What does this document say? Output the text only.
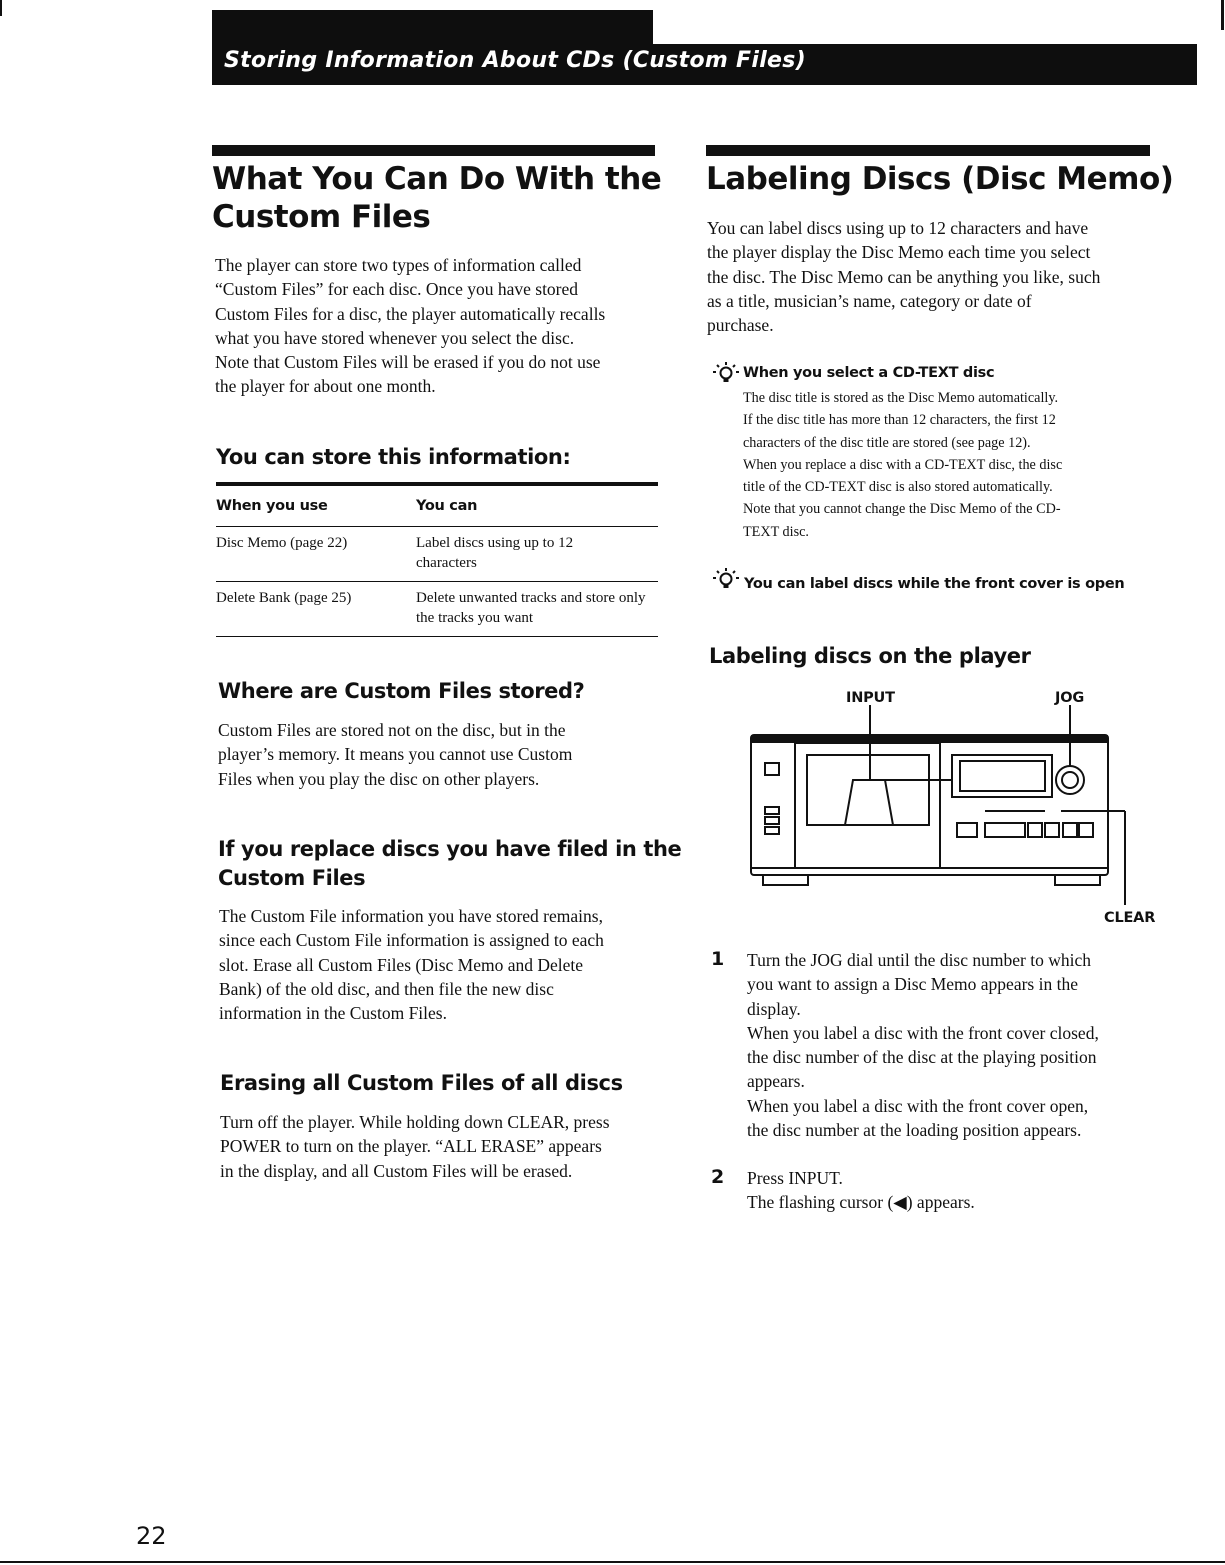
Storing Information About CDs (Custom Files)
What You Can Do With the
Custom Files
The player can store two types of information called
“Custom Files” for each disc. Once you have stored
Custom Files for a disc, the player automatically recalls
what you have stored whenever you select the disc.
Note that Custom Files will be erased if you do not use
the player for about one month.
You can store this information:
When you use	You can
Disc Memo (page 22)	Label discs using up to 12 characters
Delete Bank (page 25)	Delete unwanted tracks and store only the tracks you want
Where are Custom Files stored?
Custom Files are stored not on the disc, but in the
player’s memory. It means you cannot use Custom
Files when you play the disc on other players.
If you replace discs you have filed in the
Custom Files
The Custom File information you have stored remains,
since each Custom File information is assigned to each
slot. Erase all Custom Files (Disc Memo and Delete
Bank) of the old disc, and then file the new disc
information in the Custom Files.
Erasing all Custom Files of all discs
Turn off the player. While holding down CLEAR, press
POWER to turn on the player. “ALL ERASE” appears
in the display, and all Custom Files will be erased.
Labeling Discs (Disc Memo)
You can label discs using up to 12 characters and have
the player display the Disc Memo each time you select
the disc. The Disc Memo can be anything you like, such
as a title, musician’s name, category or date of
purchase.
When you select a CD-TEXT disc
The disc title is stored as the Disc Memo automatically.
If the disc title has more than 12 characters, the first 12
characters of the disc title are stored (see page 12).
When you replace a disc with a CD-TEXT disc, the disc
title of the CD-TEXT disc is also stored automatically.
Note that you cannot change the Disc Memo of the CD-
TEXT disc.
You can label discs while the front cover is open
Labeling discs on the player
INPUT	JOG
CLEAR
1 Turn the JOG dial until the disc number to which
you want to assign a Disc Memo appears in the
display.
When you label a disc with the front cover closed,
the disc number of the disc at the playing position
appears.
When you label a disc with the front cover open,
the disc number at the loading position appears.
2 Press INPUT.
The flashing cursor (◀) appears.
22
